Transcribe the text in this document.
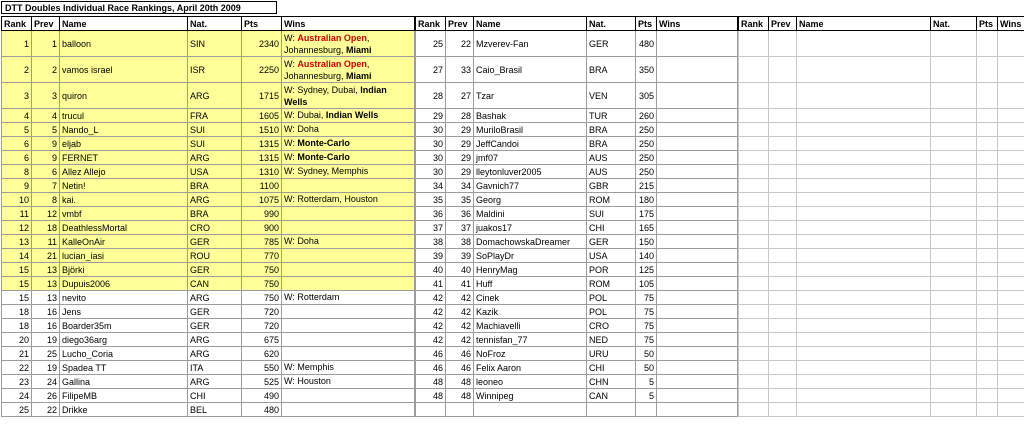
DTT Doubles Individual Race Rankings, April 20th 2009
Rank	Prev	Name	Nat.	Pts	Wins
1	1	balloon	SIN	2340	W: Australian Open, Johannesburg, Miami
2	2	vamos israel	ISR	2250	W: Australian Open, Johannesburg, Miami
3	3	quiron	ARG	1715	W: Sydney, Dubai, Indian Wells
4	4	trucul	FRA	1605	W: Dubai, Indian Wells
5	5	Nando_L	SUI	1510	W: Doha
6	9	eljab	SUI	1315	W: Monte-Carlo
6	9	FERNET	ARG	1315	W: Monte-Carlo
8	6	Allez Allejo	USA	1310	W: Sydney, Memphis
9	7	Netin!	BRA	1100	
10	8	kai.	ARG	1075	W: Rotterdam, Houston
11	12	vmbf	BRA	990	
12	18	DeathlessMortal	CRO	900	
13	11	KalleOnAir	GER	785	W: Doha
14	21	lucian_iasi	ROU	770	
15	13	Björki	GER	750	
15	13	Dupuis2006	CAN	750	
15	13	nevito	ARG	750	W: Rotterdam
18	16	Jens	GER	720	
18	16	Boarder35m	GER	720	
20	19	diego36arg	ARG	675	
21	25	Lucho_Coria	ARG	620	
22	19	Spadea TT	ITA	550	W: Memphis
23	24	Gallina	ARG	525	W: Houston
24	26	FilipeMB	CHI	490	
25	22	Drikke	BEL	480	
Rank	Prev	Name	Nat.	Pts	Wins
25	22	Mzverev-Fan	GER	480	
27	33	Caio_Brasil	BRA	350	
28	27	Tzar	VEN	305	
29	28	Bashak	TUR	260	
30	29	MuriloBrasil	BRA	250	
30	29	JeffCandoi	BRA	250	
30	29	jmf07	AUS	250	
30	29	lleytonluver2005	AUS	250	
34	34	Gavnich77	GBR	215	
35	35	Georg	ROM	180	
36	36	Maldini	SUI	175	
37	37	juakos17	CHI	165	
38	38	DomachowskaDreamer	GER	150	
39	39	SoPlayDr	USA	140	
40	40	HenryMag	POR	125	
41	41	Huff	ROM	105	
42	42	Cinek	POL	75	
42	42	Kazik	POL	75	
42	42	Machiavelli	CRO	75	
42	42	tennisfan_77	NED	75	
46	46	NoFroz	URU	50	
46	46	Felix Aaron	CHI	50	
48	48	leoneo	CHN	5	
48	48	Winnipeg	CAN	5	

Rank	Prev	Name	Nat.	Pts	Wins
